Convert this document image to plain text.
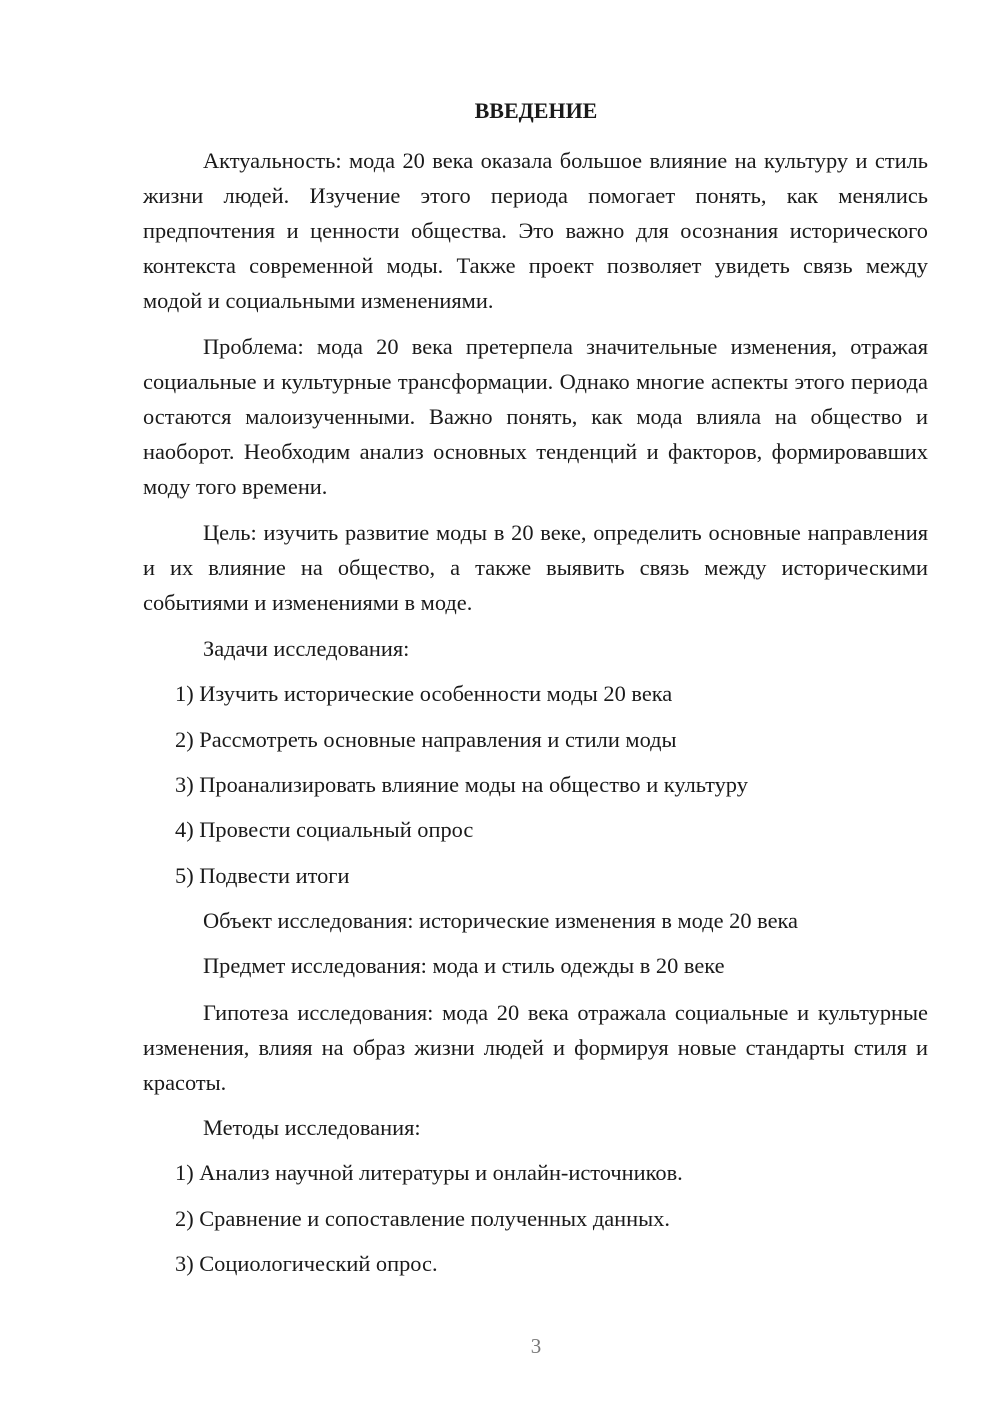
ВВЕДЕНИЕ

Актуальность: мода 20 века оказала большое влияние на культуру и стиль жизни людей. Изучение этого периода помогает понять, как менялись предпочтения и ценности общества. Это важно для осознания исторического контекста современной моды. Также проект позволяет увидеть связь между модой и социальными изменениями.

Проблема: мода 20 века претерпела значительные изменения, отражая социальные и культурные трансформации. Однако многие аспекты этого периода остаются малоизученными. Важно понять, как мода влияла на общество и наоборот. Необходим анализ основных тенденций и факторов, формировавших моду того времени.

Цель: изучить развитие моды в 20 веке, определить основные направления и их влияние на общество, а также выявить связь между историческими событиями и изменениями в моде.

Задачи исследования:
1) Изучить исторические особенности моды 20 века
2) Рассмотреть основные направления и стили моды
3) Проанализировать влияние моды на общество и культуру
4) Провести социальный опрос
5) Подвести итоги
Объект исследования: исторические изменения в моде 20 века
Предмет исследования: мода и стиль одежды в 20 веке

Гипотеза исследования: мода 20 века отражала социальные и культурные изменения, влияя на образ жизни людей и формируя новые стандарты стиля и красоты.

Методы исследования:
1) Анализ научной литературы и онлайн-источников.
2) Сравнение и сопоставление полученных данных.
3) Социологический опрос.
3
